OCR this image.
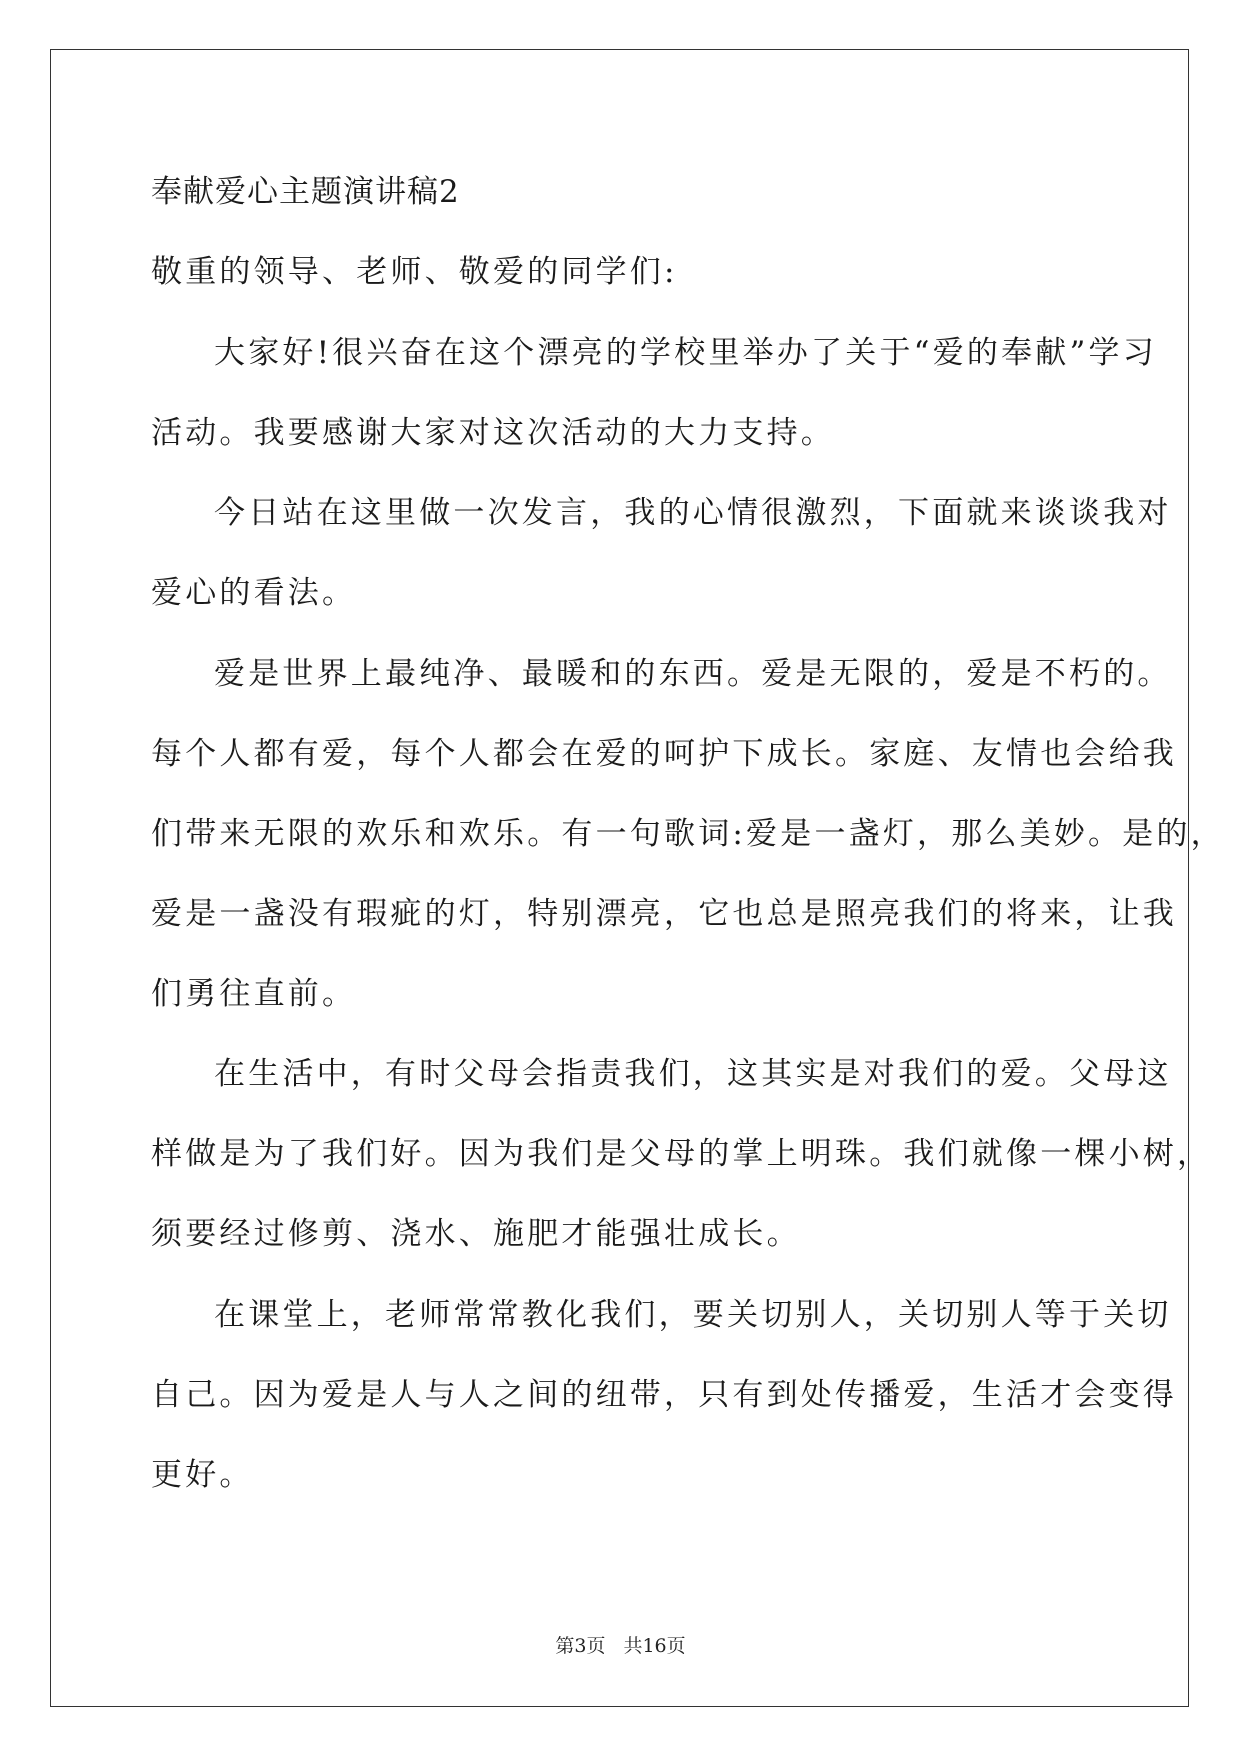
奉献爱心主题演讲稿2
敬重的领导、老师、敬爱的同学们:
大家好!很兴奋在这个漂亮的学校里举办了关于“爱的奉献”学习
活动。我要感谢大家对这次活动的大力支持。
今日站在这里做一次发言，我的心情很激烈，下面就来谈谈我对
爱心的看法。
爱是世界上最纯净、最暖和的东西。爱是无限的，爱是不朽的。
每个人都有爱，每个人都会在爱的呵护下成长。家庭、友情也会给我
们带来无限的欢乐和欢乐。有一句歌词:爱是一盏灯，那么美妙。是的，
爱是一盏没有瑕疵的灯，特别漂亮，它也总是照亮我们的将来，让我
们勇往直前。
在生活中，有时父母会指责我们，这其实是对我们的爱。父母这
样做是为了我们好。因为我们是父母的掌上明珠。我们就像一棵小树，
须要经过修剪、浇水、施肥才能强壮成长。
在课堂上，老师常常教化我们，要关切别人，关切别人等于关切
自己。因为爱是人与人之间的纽带，只有到处传播爱，生活才会变得
更好。
第3页 共16页
